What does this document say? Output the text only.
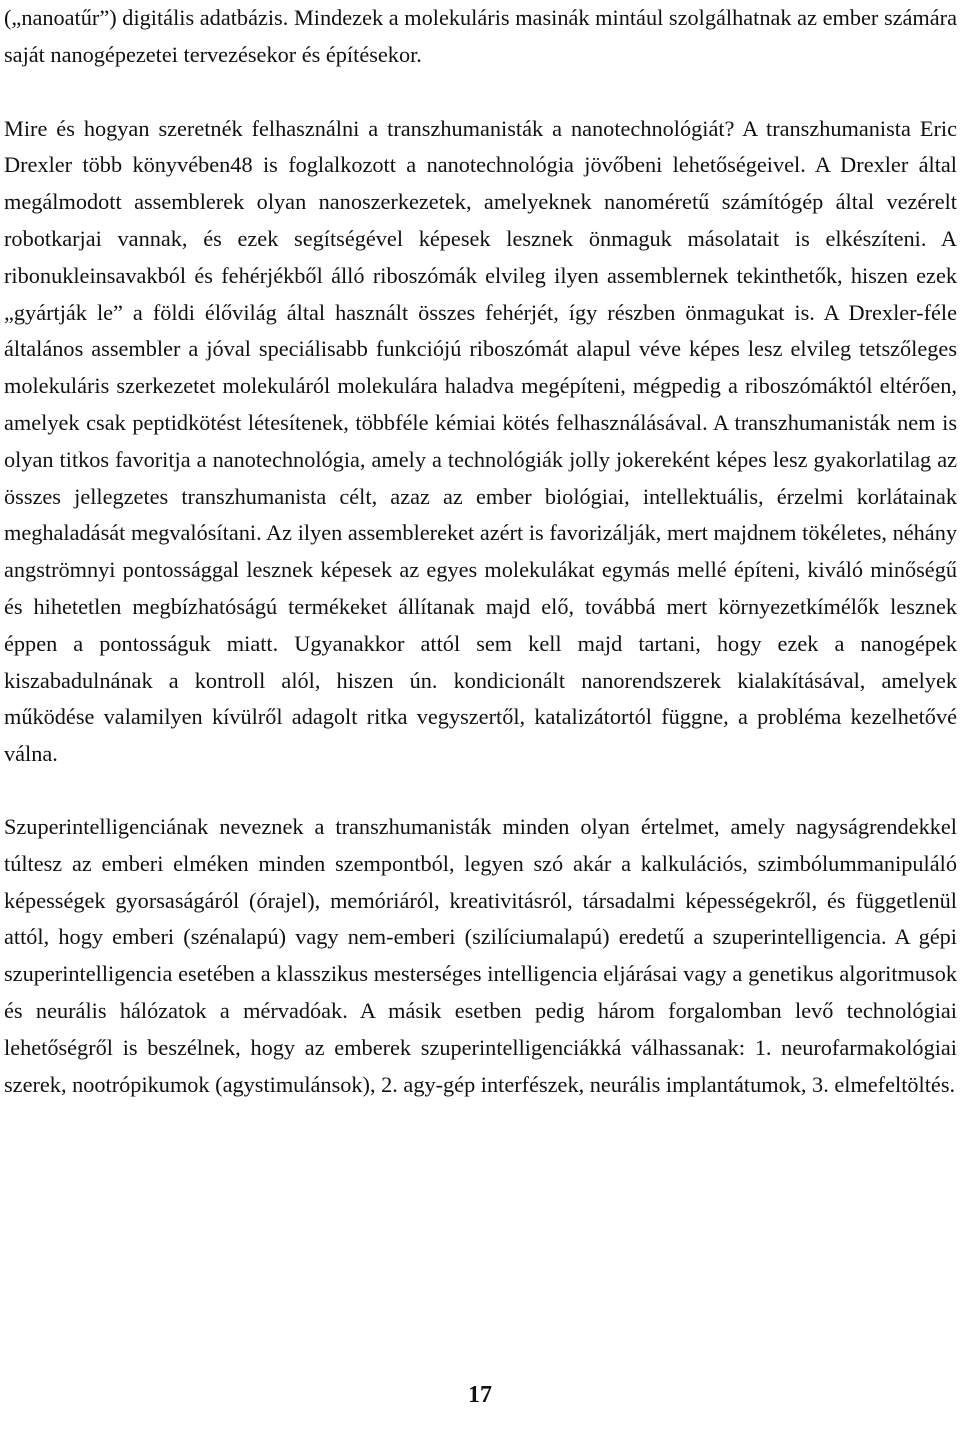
(„nanoatűr”) digitális adatbázis. Mindezek a molekuláris masinák mintául szolgálhatnak az ember számára saját nanogépezetei tervezésekor és építésekor.

Mire és hogyan szeretnék felhasználni a transzhumanisták a nanotechnológiát? A transzhumanista Eric Drexler több könyvében48 is foglalkozott a nanotechnológia jövőbeni lehetőségeivel. A Drexler által megálmodott assemblerek olyan nanoszerkezetek, amelyeknek nanoméretű számítógép által vezérelt robotkarjai vannak, és ezek segítségével képesek lesznek önmaguk másolatait is elkészíteni. A ribonukleinsavakból és fehérjékből álló riboszómák elvileg ilyen assemblernek tekinthetők, hiszen ezek „gyártják le” a földi élővilág által használt összes fehérjét, így részben önmagukat is. A Drexler-féle általános assembler a jóval speciálisabb funkciójú riboszómát alapul véve képes lesz elvileg tetszőleges molekuláris szerkezetet molekuláról molekulára haladva megépíteni, mégpedig a riboszómáktól eltérően, amelyek csak peptidkötést létesítenek, többféle kémiai kötés felhasználásával. A transzhumanisták nem is olyan titkos favoritja a nanotechnológia, amely a technológiák jolly jokereként képes lesz gyakorlatilag az összes jellegzetes transzhumanista célt, azaz az ember biológiai, intellektuális, érzelmi korlátainak meghaladását megvalósítani. Az ilyen assemblereket azért is favorizálják, mert majdnem tökéletes, néhány angströmnyi pontossággal lesznek képesek az egyes molekulákat egymás mellé építeni, kiváló minőségű és hihetetlen megbízhatóságú termékeket állítanak majd elő, továbbá mert környezetkímélők lesznek éppen a pontosságuk miatt. Ugyanakkor attól sem kell majd tartani, hogy ezek a nanogépek kiszabadulnának a kontroll alól, hiszen ún. kondicionált nanorendszerek kialakításával, amelyek működése valamilyen kívülről adagolt ritka vegyszertől, katalizátortól függne, a probléma kezelhetővé válna.

Szuperintelligenciának neveznek a transzhumanisták minden olyan értelmet, amely nagyságrendekkel túltesz az emberi elméken minden szempontból, legyen szó akár a kalkulációs, szimbólummanipuláló képességek gyorsaságáról (órajel), memóriáról, kreativitásról, társadalmi képességekről, és függetlenül attól, hogy emberi (szénalapú) vagy nem-emberi (szilíciumalapú) eredetű a szuperintelligencia. A gépi szuperintelligencia esetében a klasszikus mesterséges intelligencia eljárásai vagy a genetikus algoritmusok és neurális hálózatok a mérvadóak. A másik esetben pedig három forgalomban levő technológiai lehetőségről is beszélnek, hogy az emberek szuperintelligenciákká válhassanak: 1. neurofarmakológiai szerek, nootrópikumok (agystimulánsok), 2. agy-gép interfészek, neurális implantátumok, 3. elmefeltöltés.

17
